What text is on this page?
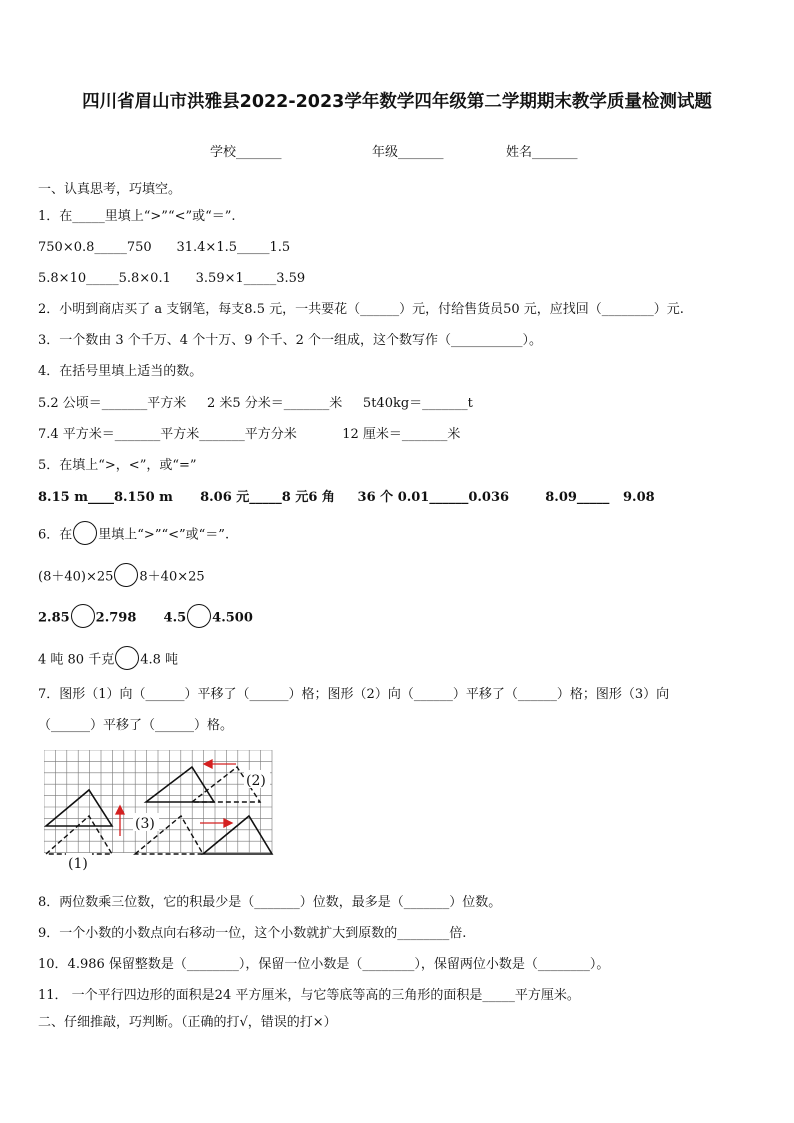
四川省眉山市洪雅县2022-2023学年数学四年级第二学期期末教学质量检测试题
学校_______	年级_______	姓名_______
一、认真思考，巧填空。
1．在_____里填上“>”“<”或“＝”.
750×0.8_____750      31.4×1.5_____1.5
5.8×10_____5.8×0.1      3.59×1_____3.59
2．小明到商店买了 a 支钢笔，每支8.5 元，一共要花（______）元，付给售货员50 元，应找回（________）元.
3．一个数由 3 个千万、4 个十万、9 个千、2 个一组成，这个数写作（___________）。
4．在括号里填上适当的数。
5.2 公顷＝_______平方米     2 米5 分米＝_______米     5t40kg＝_______t
7.4 平方米＝_______平方米_______平方分米           12 厘米＝_______米
5．在填上“>，<”，或“=”
8.15 m____8.150 m      8.06 元_____8 元6 角     36 个 0.01______0.036        8.09_____   9.08
6．在 里填上“>”“<”或“＝”.
(8＋40)×25 8＋40×25
2.85 2.798      4.5 4.500
4 吨 80 千克 4.8 吨
7．图形（1）向（______）平移了（______）格；图形（2）向（______）平移了（______）格；图形（3）向
（______）平移了（______）格。
(2)
(3)
(1)
8．两位数乘三位数，它的积最少是（_______）位数，最多是（_______）位数。
9．一个小数的小数点向右移动一位，这个小数就扩大到原数的________倍.
10．4.986 保留整数是（________），保留一位小数是（________），保留两位小数是（________）。
11． 一个平行四边形的面积是24 平方厘米，与它等底等高的三角形的面积是_____平方厘米。
二、仔细推敲，巧判断。（正确的打√，错误的打×）
